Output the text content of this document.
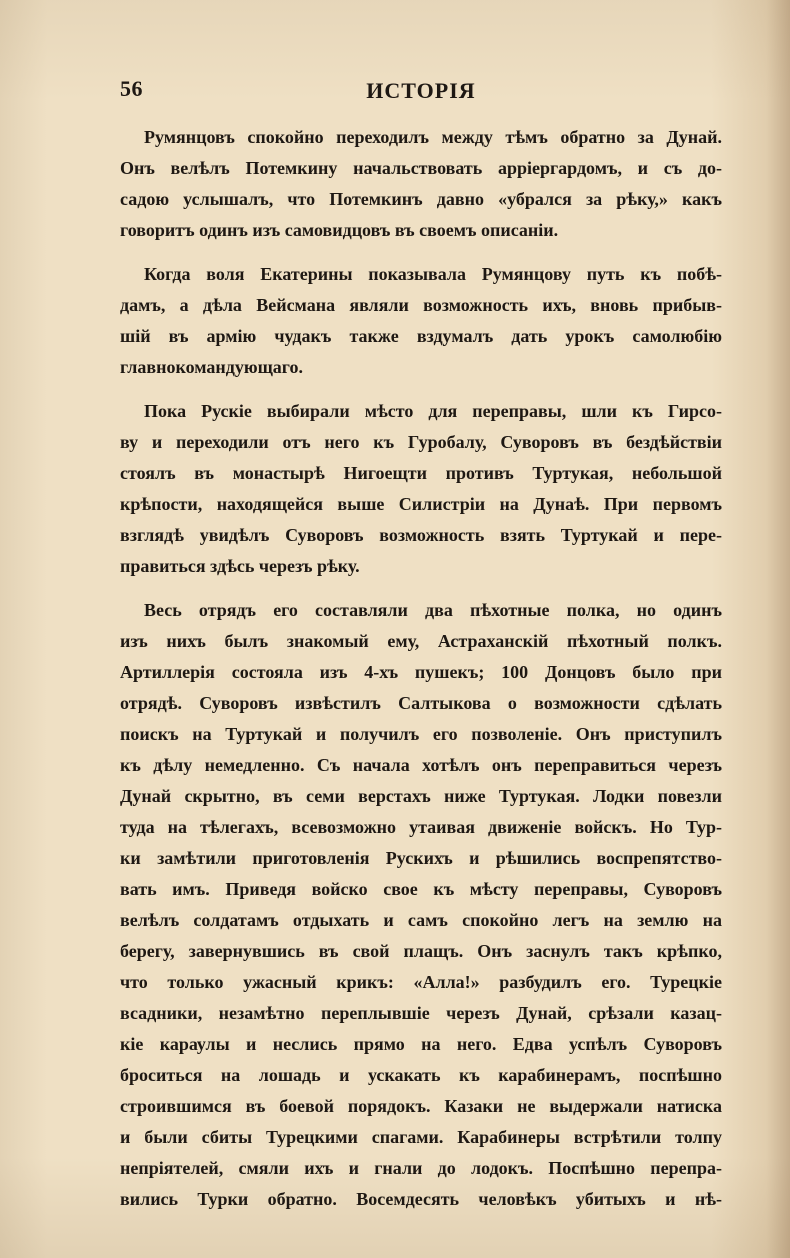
56	ИСТОРІЯ
Румянцовъ спокойно переходилъ между тѣмъ обратно за Дунай.
Онъ велѣлъ Потемкину начальствовать арріергардомъ, и съ до-
садою услышалъ, что Потемкинъ давно «убрался за рѣку,» какъ
говоритъ одинъ изъ самовидцовъ въ своемъ описаніи.
Когда воля Екатерины показывала Румянцову путь къ побѣ-
дамъ, а дѣла Вейсмана являли возможность ихъ, вновь прибыв-
шій въ армію чудакъ также вздумалъ дать урокъ самолюбію
главнокомандующаго.
Пока Рускіе выбирали мѣсто для переправы, шли къ Гирсо-
ву и переходили отъ него къ Гуробалу, Суворовъ въ бездѣйствіи
стоялъ въ монастырѣ Нигоещти противъ Туртукая, небольшой
крѣпости, находящейся выше Силистріи на Дунаѣ. При первомъ
взглядѣ увидѣлъ Суворовъ возможность взять Туртукай и пере-
правиться здѣсь черезъ рѣку.
Весь отрядъ его составляли два пѣхотные полка, но одинъ
изъ нихъ былъ знакомый ему, Астраханскій пѣхотный полкъ.
Артиллерія состояла изъ 4-хъ пушекъ; 100 Донцовъ было при
отрядѣ. Суворовъ извѣстилъ Салтыкова о возможности сдѣлать
поискъ на Туртукай и получилъ его позволеніе. Онъ приступилъ
къ дѣлу немедленно. Съ начала хотѣлъ онъ переправиться черезъ
Дунай скрытно, въ семи верстахъ ниже Туртукая. Лодки повезли
туда на тѣлегахъ, всевозможно утаивая движеніе войскъ. Но Тур-
ки замѣтили приготовленія Рускихъ и рѣшились воспрепятство-
вать имъ. Приведя войско свое къ мѣсту переправы, Суворовъ
велѣлъ солдатамъ отдыхать и самъ спокойно легъ на землю на
берегу, завернувшись въ свой плащъ. Онъ заснулъ такъ крѣпко,
что только ужасный крикъ: «Алла!» разбудилъ его. Турецкіе
всадники, незамѣтно переплывшіе черезъ Дунай, срѣзали казац-
кіе караулы и неслись прямо на него. Едва успѣлъ Суворовъ
броситься на лошадь и ускакать къ карабинерамъ, поспѣшно
строившимся въ боевой порядокъ. Казаки не выдержали натиска
и были сбиты Турецкими спагами. Карабинеры встрѣтили толпу
непріятелей, смяли ихъ и гнали до лодокъ. Поспѣшно перепра-
вились Турки обратно. Восемдесять человѣкъ убитыхъ и нѣ-
